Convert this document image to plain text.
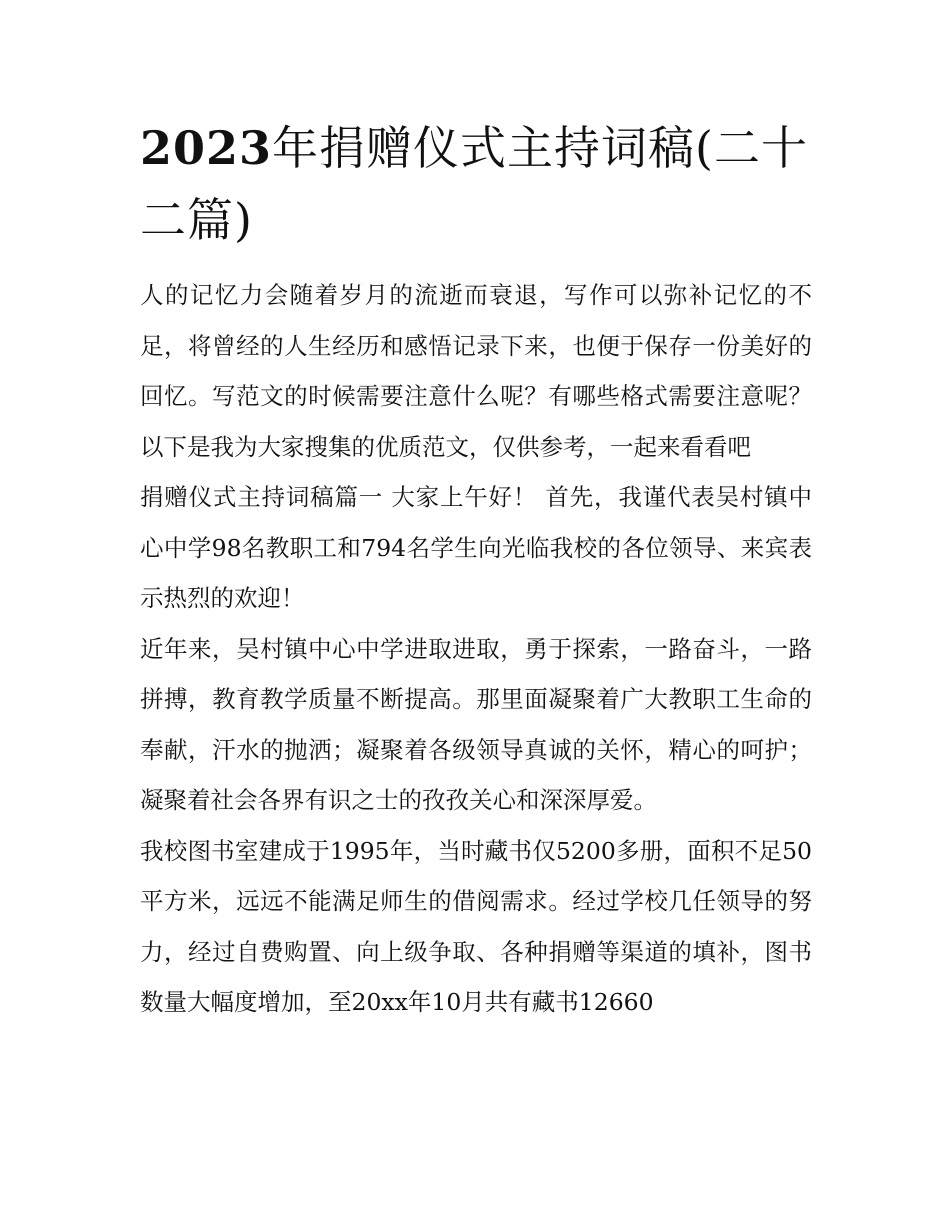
2023年捐赠仪式主持词稿(二十二篇)

人的记忆力会随着岁月的流逝而衰退，写作可以弥补记忆的不足，将曾经的人生经历和感悟记录下来，也便于保存一份美好的回忆。写范文的时候需要注意什么呢？有哪些格式需要注意呢？以下是我为大家搜集的优质范文，仅供参考，一起来看看吧

捐赠仪式主持词稿篇一 大家上午好！ 首先，我谨代表吴村镇中心中学98名教职工和794名学生向光临我校的各位领导、来宾表示热烈的欢迎！

近年来，吴村镇中心中学进取进取，勇于探索，一路奋斗，一路拼搏，教育教学质量不断提高。那里面凝聚着广大教职工生命的奉献，汗水的抛洒；凝聚着各级领导真诚的关怀，精心的呵护；凝聚着社会各界有识之士的孜孜关心和深深厚爱。

我校图书室建成于1995年，当时藏书仅5200多册，面积不足50平方米，远远不能满足师生的借阅需求。经过学校几任领导的努力，经过自费购置、向上级争取、各种捐赠等渠道的填补，图书数量大幅度增加，至20xx年10月共有藏书12660
